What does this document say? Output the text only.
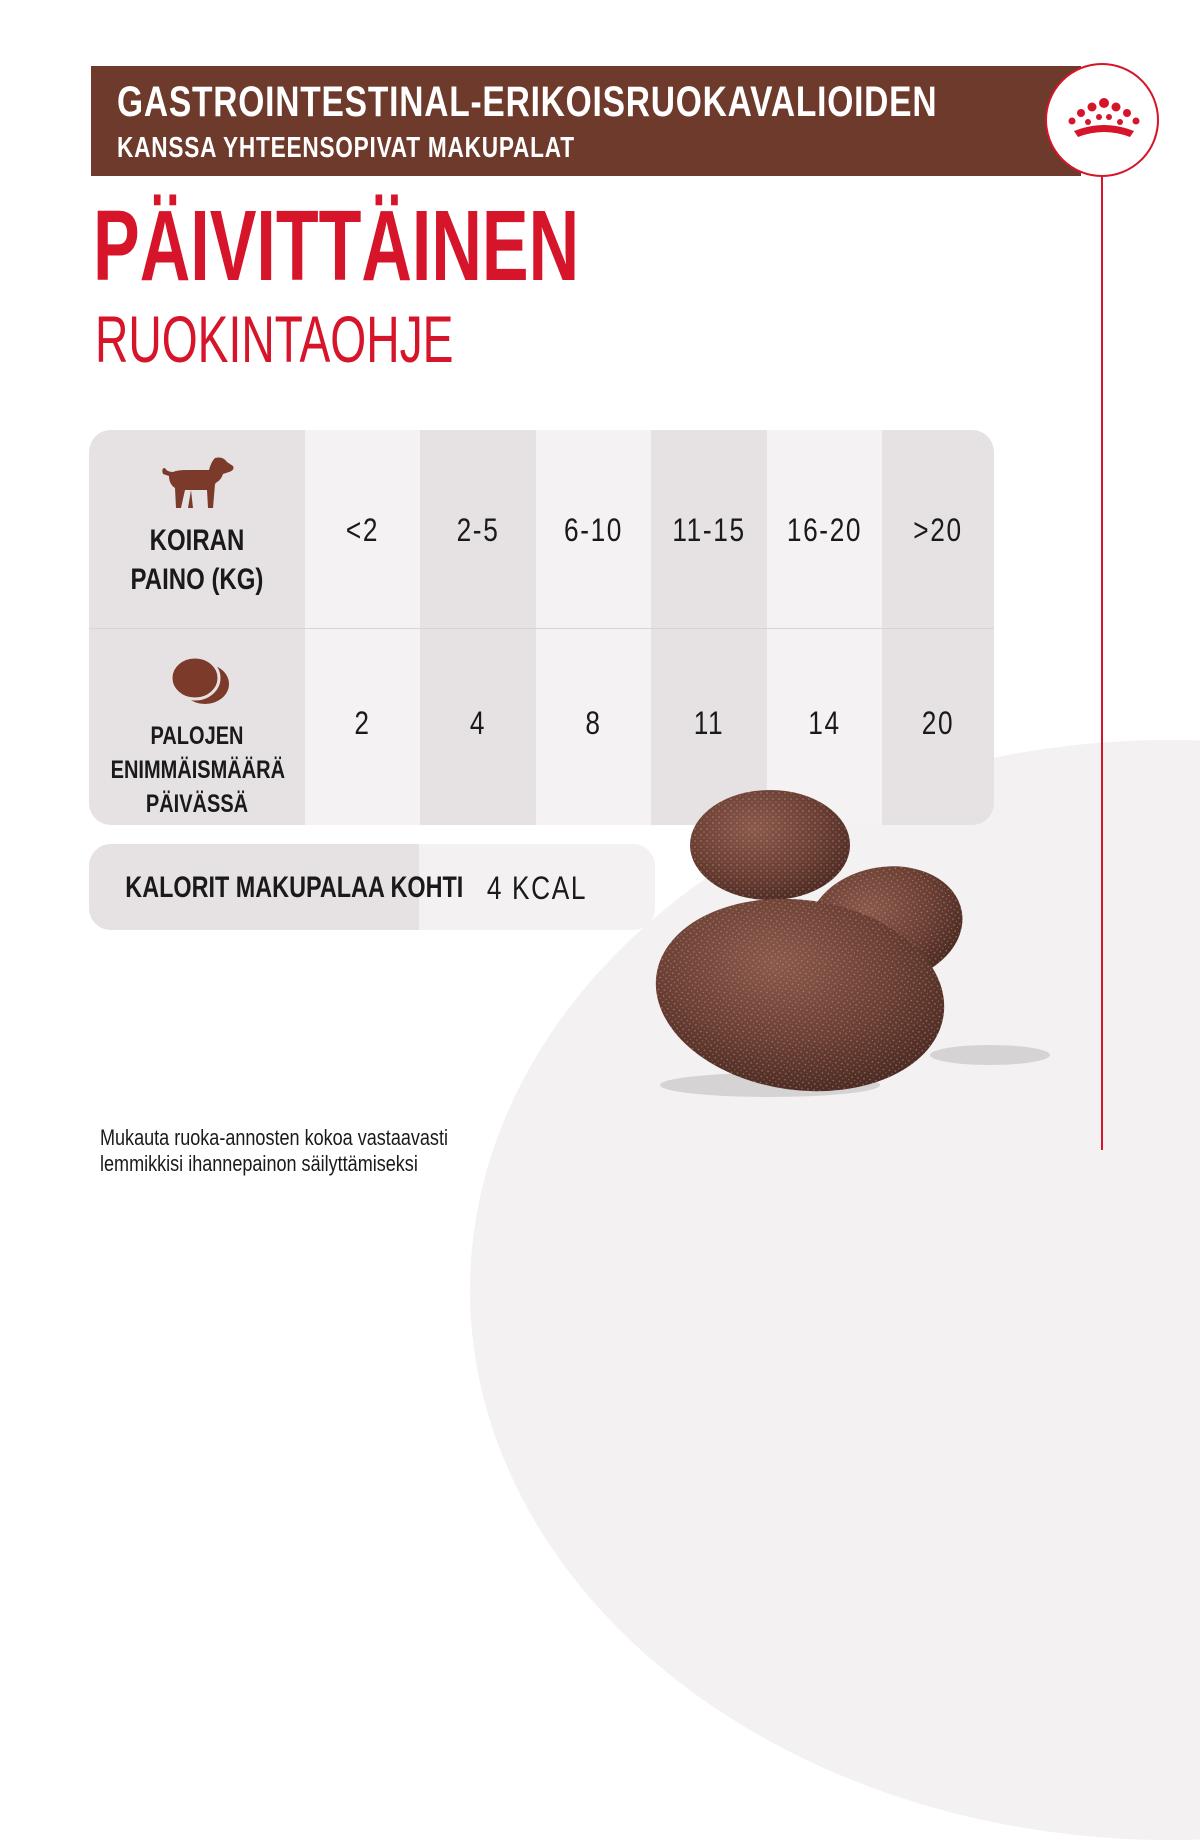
GASTROINTESTINAL-ERIKOISRUOKAVALIOIDEN
KANSSA YHTEENSOPIVAT MAKUPALAT
PÄIVITTÄINEN
RUOKINTAOHJE
KOIRAN
PAINO (KG)
<2	2-5	6-10	11-15	16-20	>20
PALOJEN
ENIMMÄISMÄÄRÄ
PÄIVÄSSÄ
2	4	8	11	14	20
KALORIT MAKUPALAA KOHTI 4 KCAL
Mukauta ruoka-annosten kokoa vastaavasti
lemmikkisi ihannepainon säilyttämiseksi
